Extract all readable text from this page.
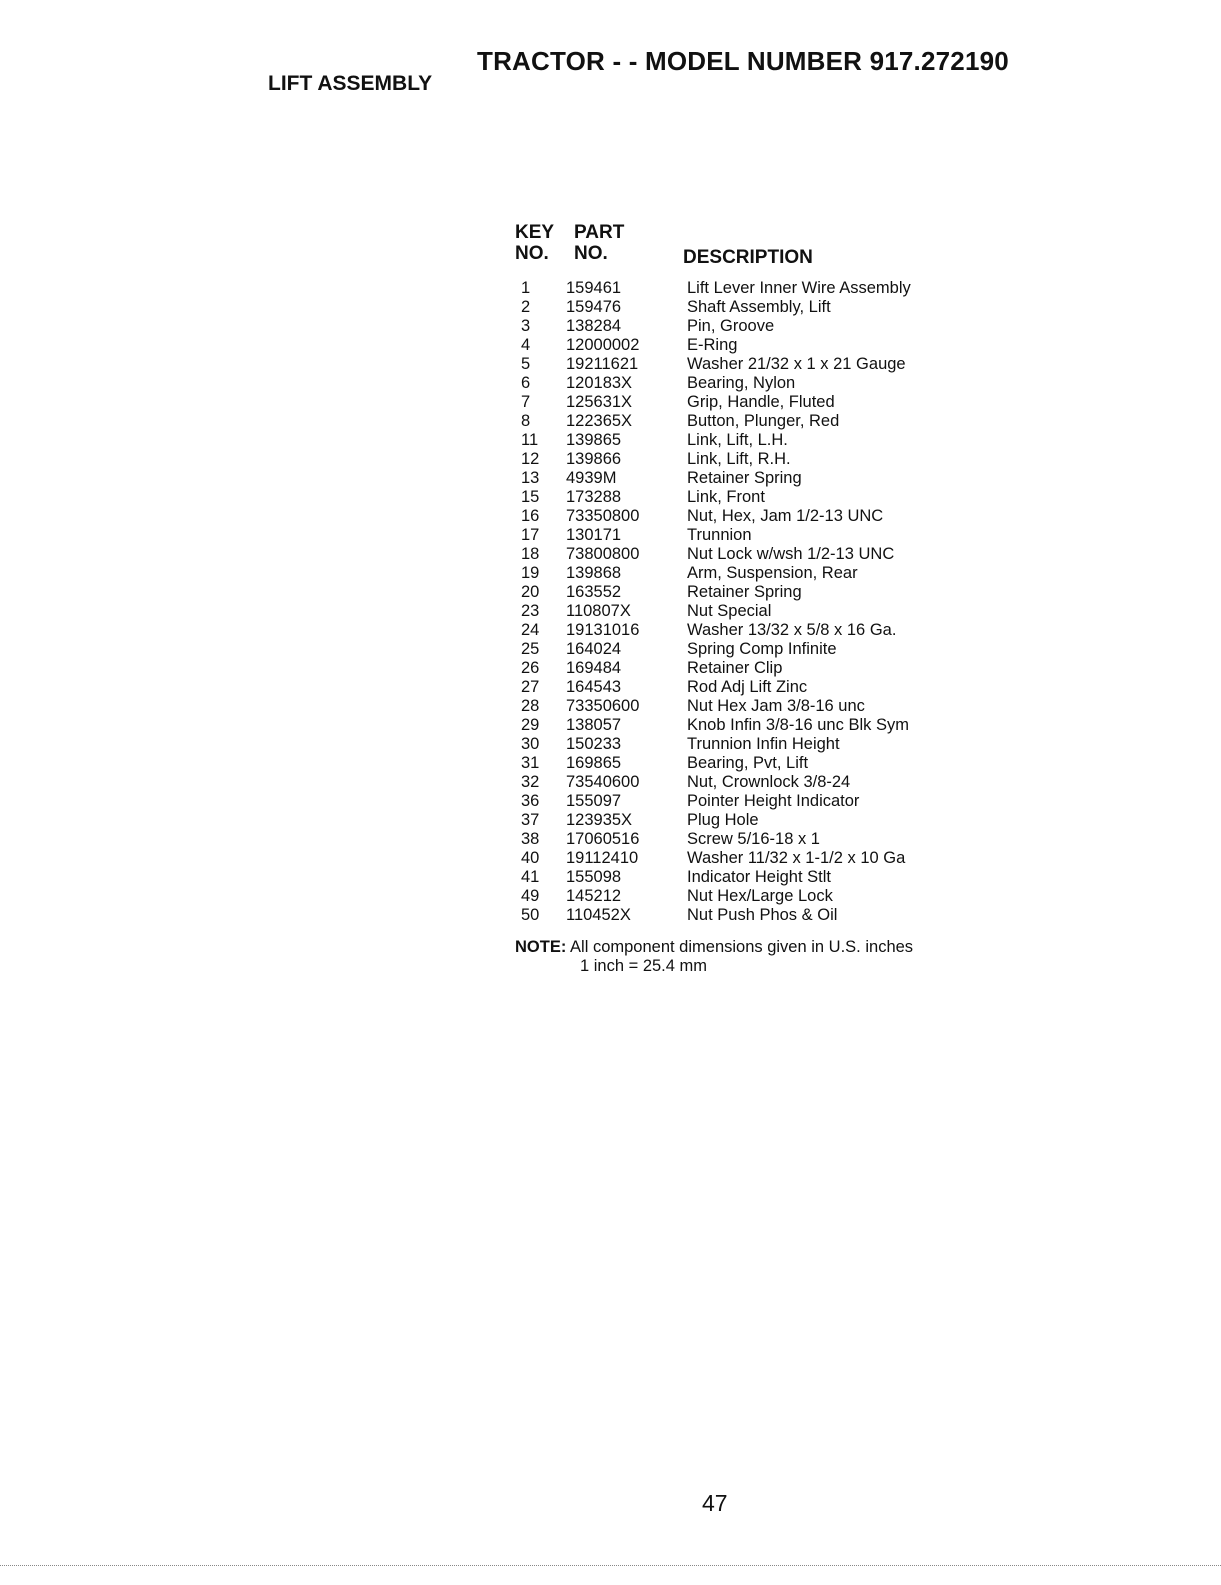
TRACTOR - - MODEL NUMBER 917.272190
LIFT ASSEMBLY
KEY
NO.
PART
NO.	DESCRIPTION
1 159461	Lift Lever Inner Wire Assembly
2 159476	Shaft Assembly, Lift
3 138284	Pin, Groove
4 12000002	E-Ring
5 19211621	Washer 21/32 x 1 x 21 Gauge
6 120183X	Bearing, Nylon
7 125631X	Grip, Handle, Fluted
8 122365X	Button, Plunger, Red
11 139865	Link, Lift, L.H.
12 139866	Link, Lift, R.H.
13 4939M	Retainer Spring
15 173288	Link, Front
16 73350800	Nut, Hex, Jam 1/2-13 UNC
17 130171	Trunnion
18 73800800	Nut Lock w/wsh 1/2-13 UNC
19 139868	Arm, Suspension, Rear
20 163552	Retainer Spring
23 110807X	Nut Special
24 19131016	Washer 13/32 x 5/8 x 16 Ga.
25 164024	Spring Comp Infinite
26 169484	Retainer Clip
27 164543	Rod Adj Lift Zinc
28 73350600	Nut Hex Jam 3/8-16 unc
29 138057	Knob Infin 3/8-16 unc Blk Sym
30 150233	Trunnion Infin Height
31 169865	Bearing, Pvt, Lift
32 73540600	Nut, Crownlock 3/8-24
36 155097	Pointer Height Indicator
37 123935X	Plug Hole
38 17060516	Screw 5/16-18 x 1
40 19112410	Washer 11/32 x 1-1/2 x 10 Ga
41 155098	Indicator Height Stlt
49 145212	Nut Hex/Large Lock
50 110452X	Nut Push Phos & Oil
NOTE: All component dimensions given in U.S. inches
1 inch = 25.4 mm
47
